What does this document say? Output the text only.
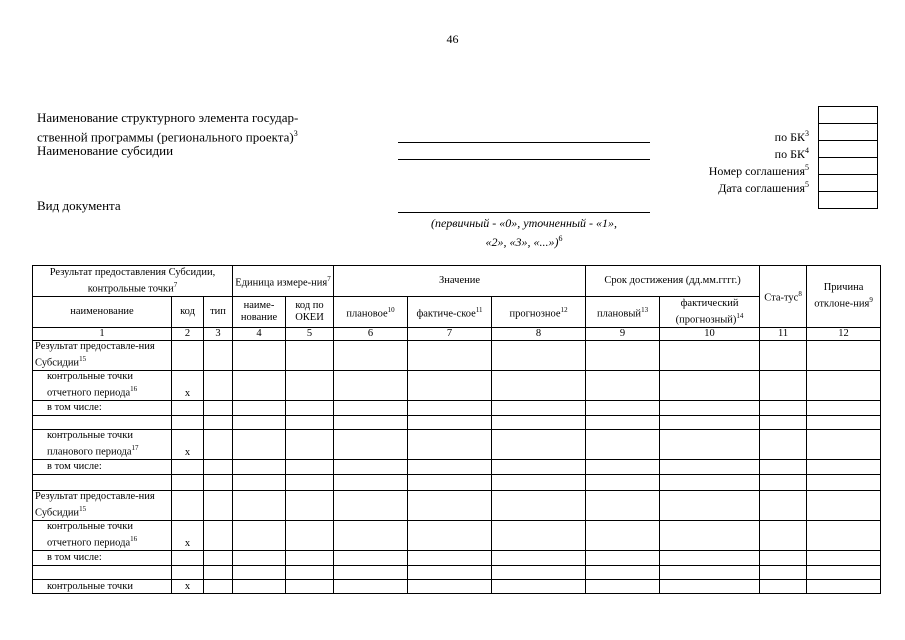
46
Наименование структурного элемента государ-
ственной программы (регионального проекта)$^3$
Наименование субсидии
Вид документа
(первичный - «0», уточненный - «1»,
«2», «3», «...»)$^6$
по $БК^3$
по $БК^4$
Номер соглашения$^5$
Дата соглашения$^5$
Результат предоставления Субсидии, контрольные точки$^7$			Единица измере-ния$^7$		Значение			Срок достижения (дд.мм.гггг.)		Ста-тус$^8$	Причина отклоне-ния$^9$
наименование	код	тип	наиме-нование	код по ОКЕИ	плановое$^{10}$	фактиче-ское$^{11}$	прогнозное$^{12}$	плановый$^{13}$	фактический (прогнозный)$^{14}$
1	2	3	4	5	6	7	8	9	10	11	12
Результат предоставле-ния Субсидии$^{15}$											
контрольные точки отчетного периода$^{16}$	x										
в том числе:											

контрольные точки планового периода$^{17}$	x										
в том числе:											

Результат предоставле-ния Субсидии$^{15}$											
контрольные точки отчетного периода$^{16}$	x										
в том числе:											

контрольные точки	x										
